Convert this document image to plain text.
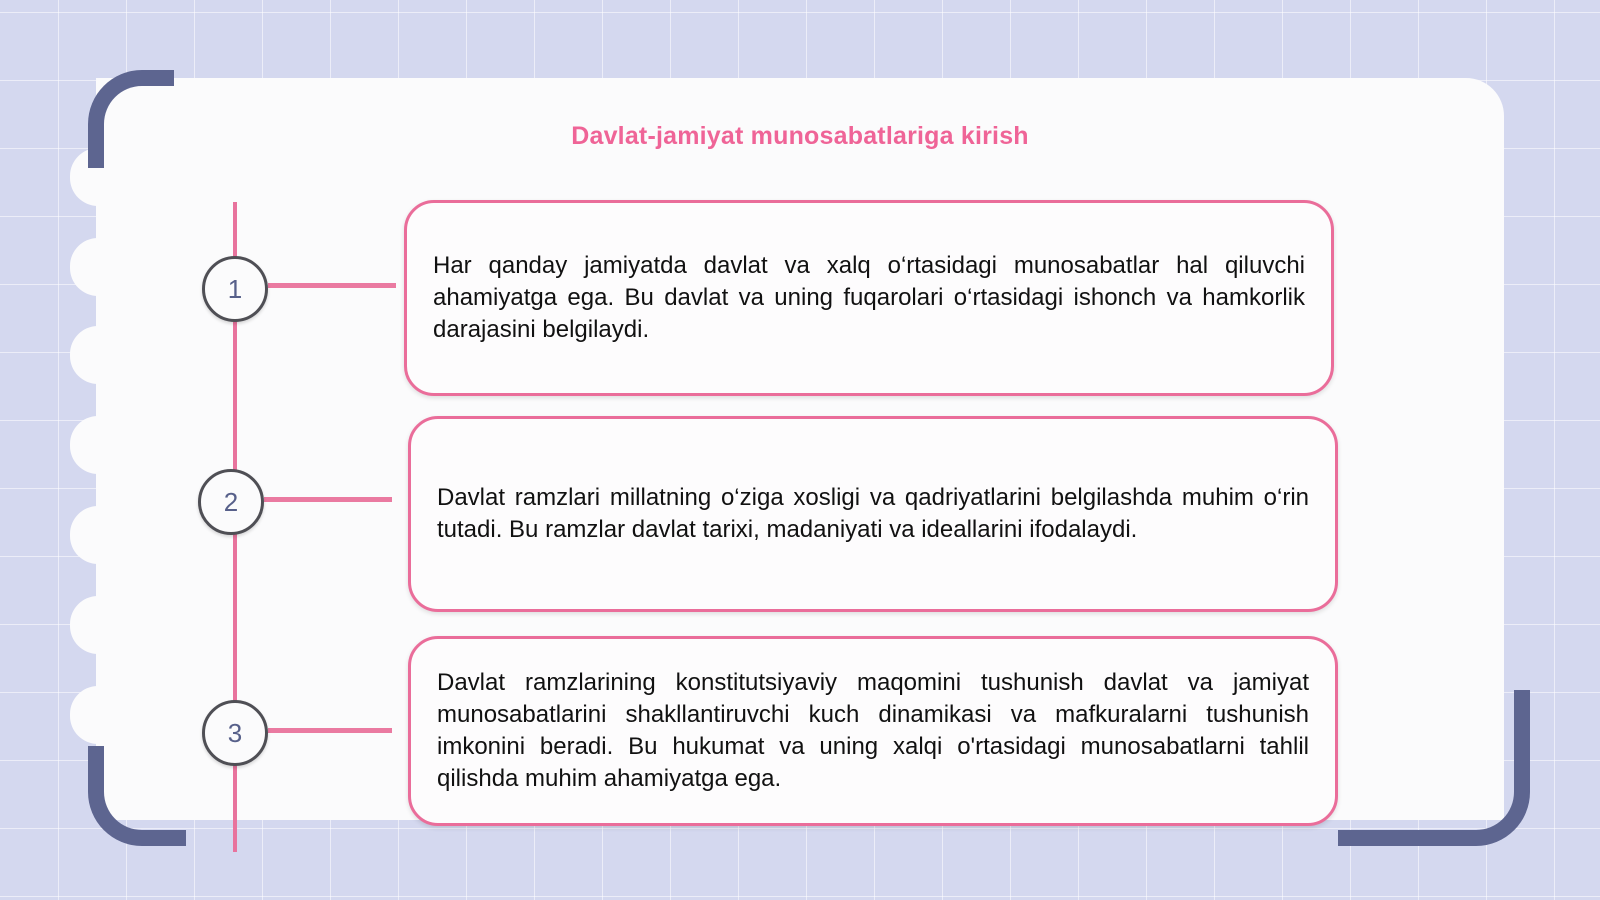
Davlat-jamiyat munosabatlariga kirish
1
Har qanday jamiyatda davlat va xalq o‘rtasidagi munosabatlar hal qiluvchi ahamiyatga ega. Bu davlat va uning fuqarolari o‘rtasidagi ishonch va hamkorlik darajasini belgilaydi.
2	Davlat ramzlari millatning o‘ziga xosligi va qadriyatlarini belgilashda muhim o‘rin tutadi. Bu ramzlar davlat tarixi, madaniyati va ideallarini ifodalaydi.
3
Davlat ramzlarining konstitutsiyaviy maqomini tushunish davlat va jamiyat munosabatlarini shakllantiruvchi kuch dinamikasi va mafkuralarni tushunish imkonini beradi. Bu hukumat va uning xalqi o'rtasidagi munosabatlarni tahlil qilishda muhim ahamiyatga ega.
